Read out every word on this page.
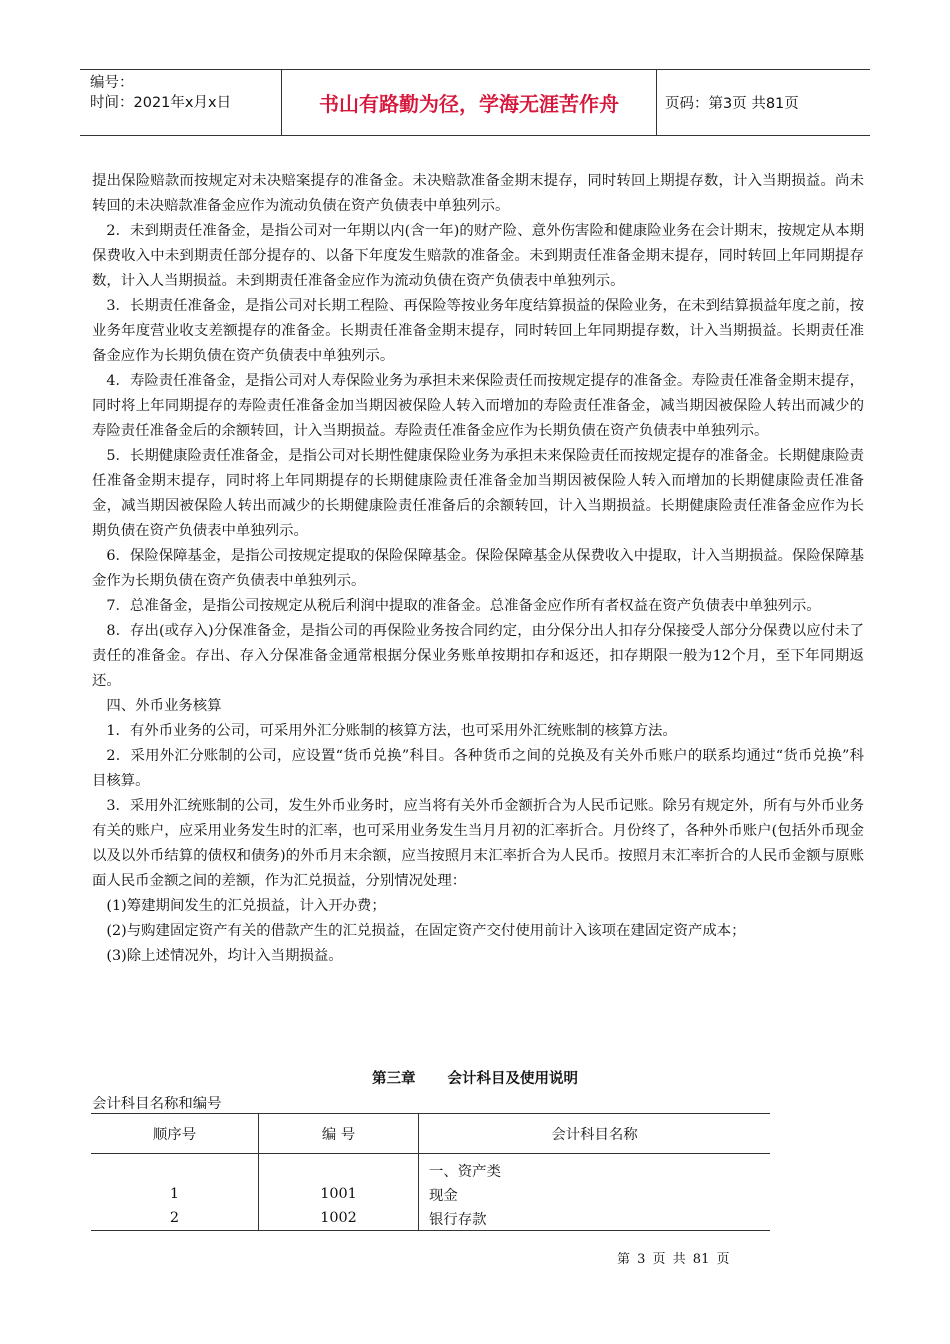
编号：
时间：2021年x月x日	书山有路勤为径，学海无涯苦作舟	页码：第3页 共81页

提出保险赔款而按规定对未决赔案提存的准备金。未决赔款准备金期末提存，同时转回上期提存数，计入当期损益。尚未转回的未决赔款准备金应作为流动负债在资产负债表中单独列示。

2．未到期责任准备金，是指公司对一年期以内(含一年)的财产险、意外伤害险和健康险业务在会计期末，按规定从本期保费收入中未到期责任部分提存的、以备下年度发生赔款的准备金。未到期责任准备金期末提存，同时转回上年同期提存数，计入人当期损益。未到期责任准备金应作为流动负债在资产负债表中单独列示。

3．长期责任准备金，是指公司对长期工程险、再保险等按业务年度结算损益的保险业务，在未到结算损益年度之前，按业务年度营业收支差额提存的准备金。长期责任准备金期末提存，同时转回上年同期提存数，计入当期损益。长期责任准备金应作为长期负债在资产负债表中单独列示。

4．寿险责任准备金，是指公司对人寿保险业务为承担未来保险责任而按规定提存的准备金。寿险责任准备金期末提存，同时将上年同期提存的寿险责任准备金加当期因被保险人转入而增加的寿险责任准备金，减当期因被保险人转出而减少的寿险责任准备金后的余额转回，计入当期损益。寿险责任准备金应作为长期负债在资产负债表中单独列示。

5．长期健康险责任准备金，是指公司对长期性健康保险业务为承担未来保险责任而按规定提存的准备金。长期健康险责任准备金期末提存，同时将上年同期提存的长期健康险责任准备金加当期因被保险人转入而增加的长期健康险责任准备金，减当期因被保险人转出而减少的长期健康险责任准备后的余额转回，计入当期损益。长期健康险责任准备金应作为长期负债在资产负债表中单独列示。

6．保险保障基金，是指公司按规定提取的保险保障基金。保险保障基金从保费收入中提取，计入当期损益。保险保障基金作为长期负债在资产负债表中单独列示。

7．总准备金，是指公司按规定从税后利润中提取的准备金。总准备金应作所有者权益在资产负债表中单独列示。

8．存出(或存入)分保准备金，是指公司的再保险业务按合同约定，由分保分出人扣存分保接受人部分分保费以应付未了责任的准备金。存出、存入分保准备金通常根据分保业务账单按期扣存和返还，扣存期限一般为12个月，至下年同期返还。

四、外币业务核算

1．有外币业务的公司，可采用外汇分账制的核算方法，也可采用外汇统账制的核算方法。

2．采用外汇分账制的公司，应设置“货币兑换”科目。各种货币之间的兑换及有关外币账户的联系均通过“货币兑换”科目核算。

3．采用外汇统账制的公司，发生外币业务时，应当将有关外币金额折合为人民币记账。除另有规定外，所有与外币业务有关的账户，应采用业务发生时的汇率，也可采用业务发生当月月初的汇率折合。月份终了，各种外币账户(包括外币现金以及以外币结算的债权和债务)的外币月末余额，应当按照月末汇率折合为人民币。按照月末汇率折合的人民币金额与原账面人民币金额之间的差额，作为汇兑损益，分别情况处理：

(1)筹建期间发生的汇兑损益，计入开办费；

(2)与购建固定资产有关的借款产生的汇兑损益，在固定资产交付使用前计入该项在建固定资产成本；

(3)除上述情况外，均计入当期损益。

第三章 会计科目及使用说明
会计科目名称和编号
顺序号	编 号	会计科目名称
		一、资产类
1	1001	现金
2	1002	银行存款
第 3 页 共 81 页
